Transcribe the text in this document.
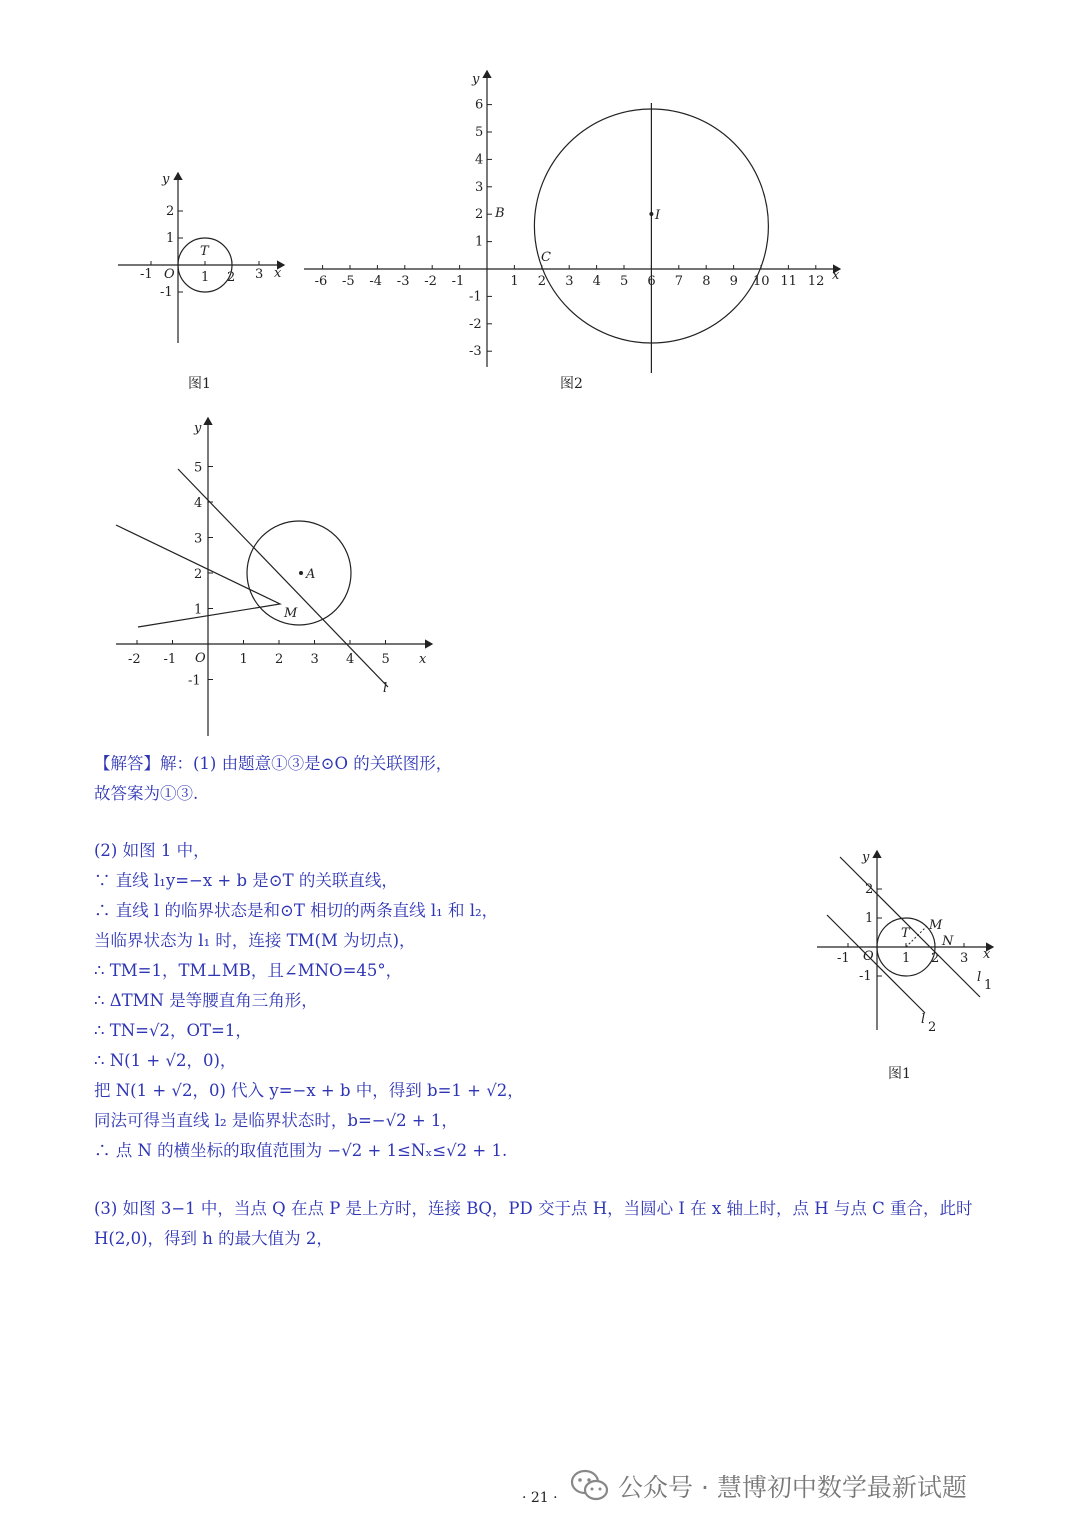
-1	1 2 3
2
1
-1
O	x
y
T
图1
-6 -5 -4 -3 -2 -1	1 2 3 4 5 6 7 8 9 10 11 12
6
5
4
3
2
1
-1
-2
-3
B
C
I
x
y
图2
-2 -1	1 2 3 4 5
5
4
3
2
1
-1
O
A
M
l
x
y
-1	1 2 3
2
1
-1
O
T
M
N
l
1
l
2
x
y
图1
【解答】解：(1) 由题意①③是⊙O 的关联图形，
故答案为①③.
(2) 如图 1 中，
∵ 直线 l₁y=−x + b 是⊙T 的关联直线，
∴ 直线 l 的临界状态是和⊙T 相切的两条直线 l₁ 和 l₂，
当临界状态为 l₁ 时，连接 TM(M 为切点)，
∴ TM=1，TM⊥MB，且∠MNO=45°，
∴ ΔTMN 是等腰直角三角形，
∴ TN=√2，OT=1，
∴ N(1 + √2，0)，
把 N(1 + √2，0) 代入 y=−x + b 中，得到 b=1 + √2，
同法可得当直线 l₂ 是临界状态时，b=−√2 + 1，
∴ 点 N 的横坐标的取值范围为 −√2 + 1≤Nₓ≤√2 + 1.
(3) 如图 3−1 中，当点 Q 在点 P 是上方时，连接 BQ，PD 交于点 H，当圆心 I 在 x 轴上时，点 H 与点 C 重合，此时
H(2,0)，得到 h 的最大值为 2，
· 21 · 公众号 · 慧博初中数学最新试题
